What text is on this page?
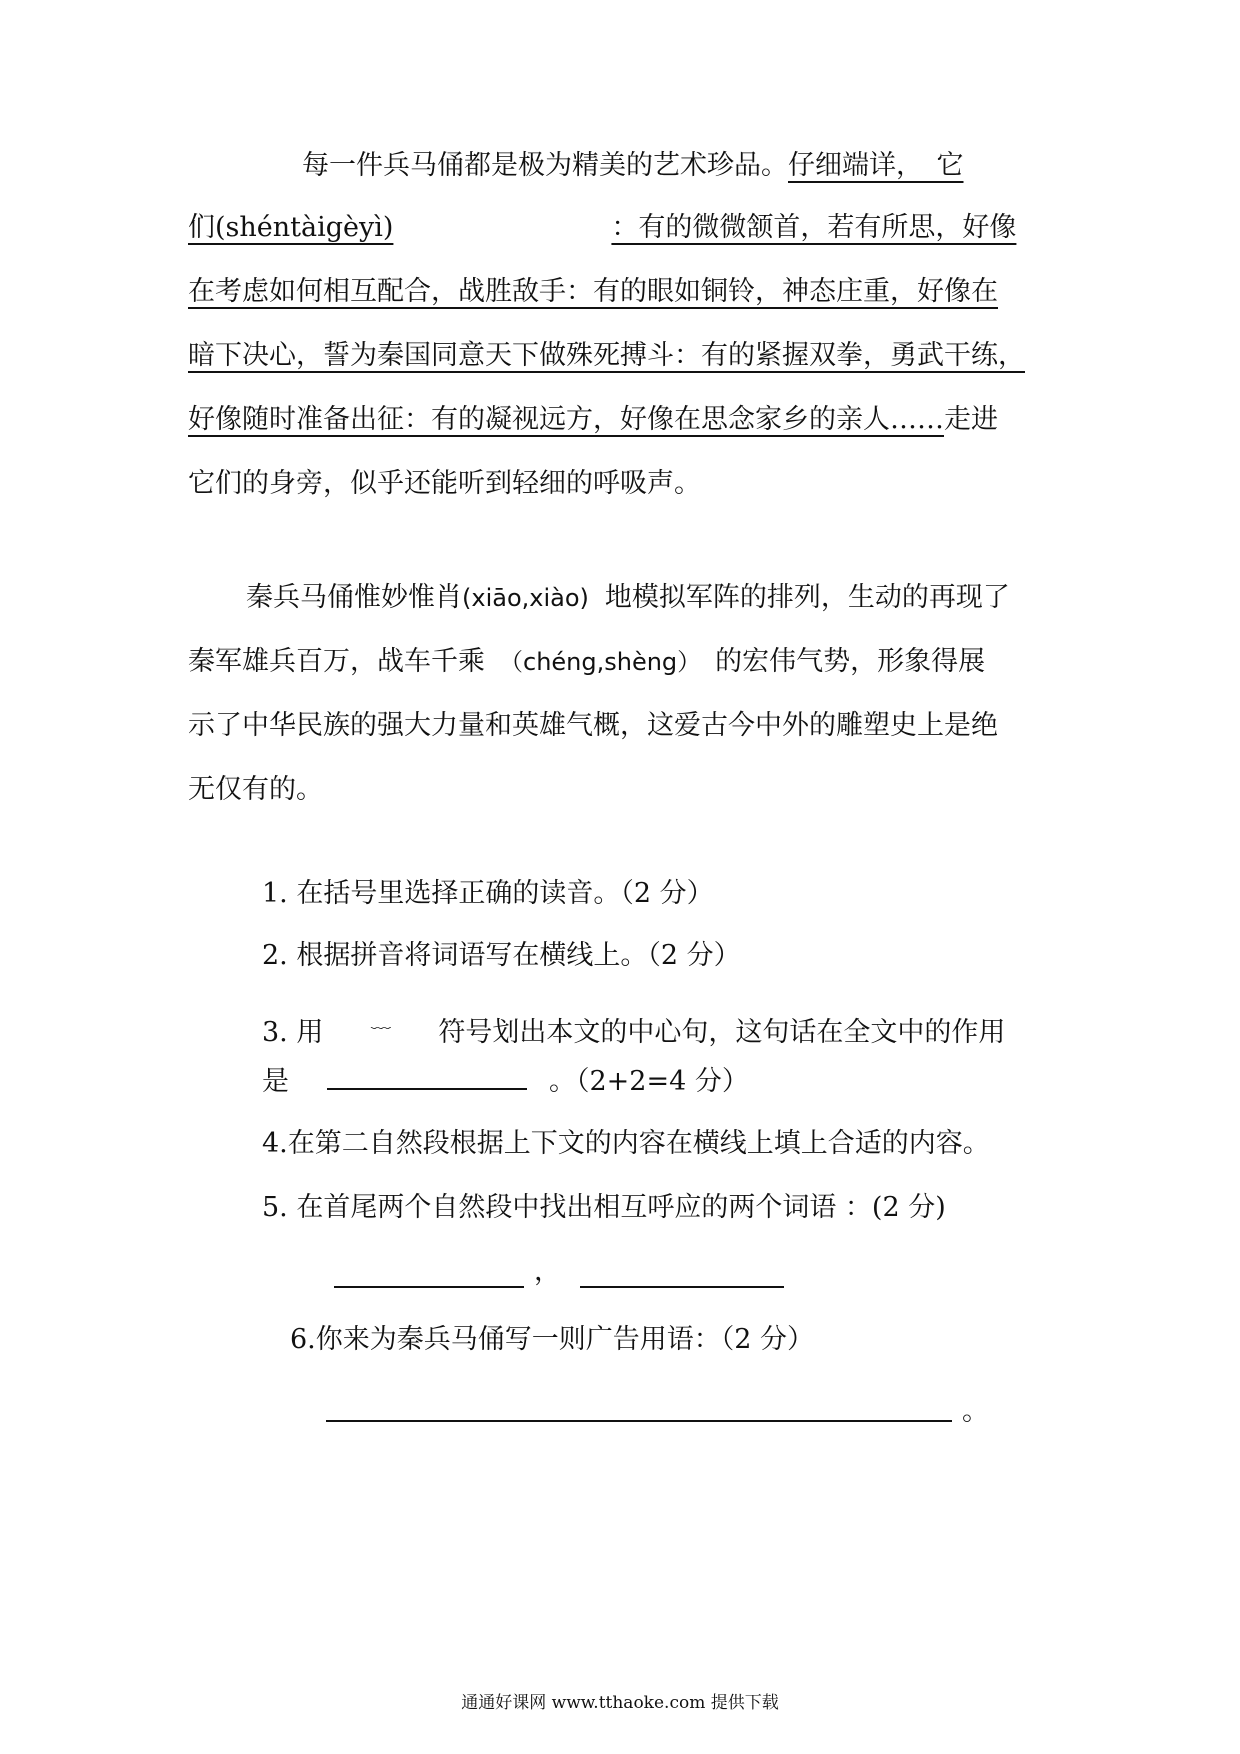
每一件兵马俑都是极为精美的艺术珍品。仔细端详，　它
们(shéntàigèyì)	：有的微微颔首，若有所思，好像
在考虑如何相互配合，战胜敌手：有的眼如铜铃，神态庄重，好像在
暗下决心，誓为秦国同意天下做殊死搏斗：有的紧握双拳，勇武干练，
好像随时准备出征：有的凝视远方，好像在思念家乡的亲人……走进
它们的身旁，似乎还能听到轻细的呼吸声。
秦兵马俑惟妙惟肖(xiāo,xiào) 地模拟军阵的排列，生动的再现了
秦军雄兵百万，战车千乘 （chéng,shèng） 的宏伟气势，形象得展
示了中华民族的强大力量和英雄气概，这爱古今中外的雕塑史上是绝
无仅有的。
1. 在括号里选择正确的读音。（2 分）
2. 根据拼音将词语写在横线上。（2 分）
3. 用 ﹏ 符号划出本文的中心句，这句话在全文中的作用
是	。（2+2=4 分）
4.在第二自然段根据上下文的内容在横线上填上合适的内容。
5. 在首尾两个自然段中找出相互呼应的两个词语 ：(2 分)
，
6.你来为秦兵马俑写一则广告用语：（2 分）
。
通通好课网 www.tthaoke.com 提供下载
